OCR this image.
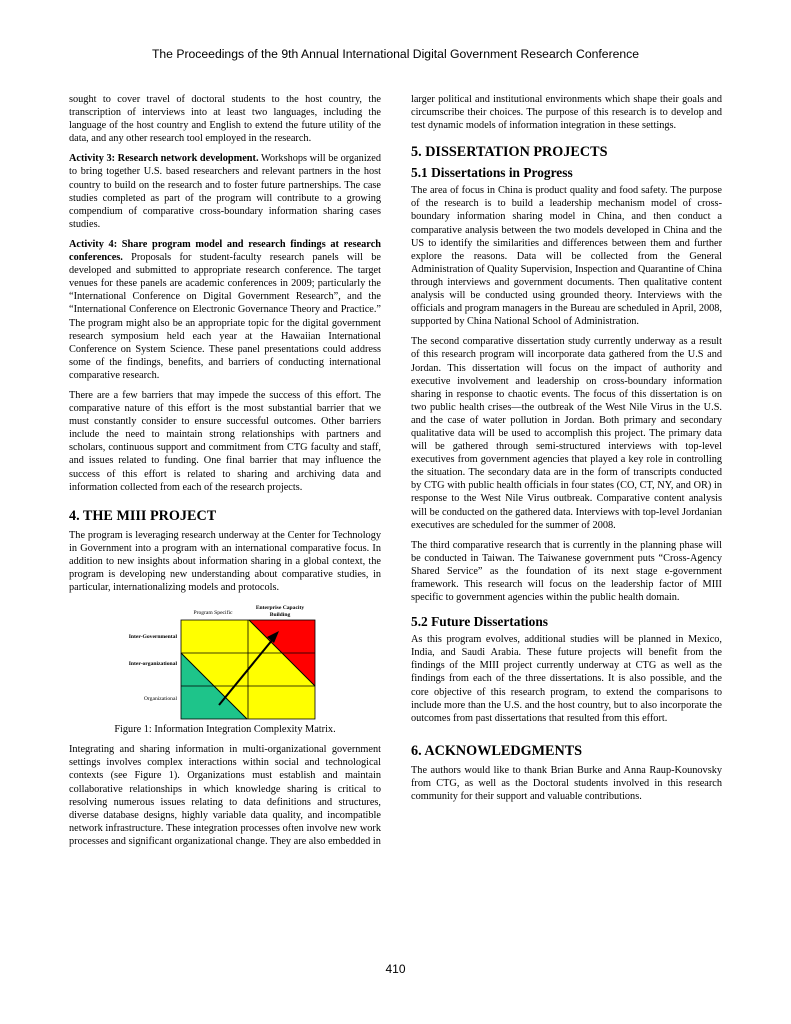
The Proceedings of the 9th Annual International Digital Government Research Conference

sought to cover travel of doctoral students to the host country, the transcription of interviews into at least two languages, including the language of the host country and English to extend the future utility of the data, and any other research tool employed in the research.

Activity 3: Research network development. Workshops will be organized to bring together U.S. based researchers and relevant partners in the host country to build on the research and to foster future partnerships. The case studies completed as part of the program will contribute to a growing compendium of comparative cross-boundary information sharing cases studies.

Activity 4: Share program model and research findings at research conferences. Proposals for student-faculty research panels will be developed and submitted to appropriate research conference. The target venues for these panels are academic conferences in 2009; particularly the “International Conference on Digital Government Research”, and the “International Conference on Electronic Governance Theory and Practice.” The program might also be an appropriate topic for the digital government research symposium held each year at the Hawaiian International Conference on System Science. These panel presentations could address some of the findings, benefits, and barriers of conducting international comparative research.

There are a few barriers that may impede the success of this effort. The comparative nature of this effort is the most substantial barrier that we must constantly consider to ensure successful outcomes. Other barriers include the need to maintain strong relationships with partners and scholars, continuous support and commitment from CTG faculty and staff, and issues related to funding. One final barrier that may influence the success of this effort is related to sharing and archiving data and information collected from each of the research projects.

4. THE MIII PROJECT

The program is leveraging research underway at the Center for Technology in Government into a program with an international comparative focus. In addition to new insights about information sharing in a global context, the program is developing new understanding about comparative studies, in particular, internationalizing models and protocols.

Program Specific
Enterprise Capacity
Building
Inter-Governmental
Inter-organizational
Organizational

Figure 1: Information Integration Complexity Matrix.

Integrating and sharing information in multi-organizational government settings involves complex interactions within social and technological contexts (see Figure 1). Organizations must establish and maintain collaborative relationships in which knowledge sharing is critical to resolving numerous issues relating to data definitions and structures, diverse database designs, highly variable data quality, and incompatible network infrastructure. These integration processes often involve new work processes and significant organizational change. They are also embedded in

larger political and institutional environments which shape their goals and circumscribe their choices. The purpose of this research is to develop and test dynamic models of information integration in these settings.

5. DISSERTATION PROJECTS
5.1 Dissertations in Progress

The area of focus in China is product quality and food safety. The purpose of the research is to build a leadership mechanism model of cross-boundary information sharing model in China, and then conduct a comparative analysis between the two models developed in China and the US to identify the similarities and differences between them and further explore the reasons. Data will be collected from the General Administration of Quality Supervision, Inspection and Quarantine of China through interviews and government documents. Then qualitative content analysis will be conducted using grounded theory. Interviews with the officials and program managers in the Bureau are scheduled in April, 2008, supported by China National School of Administration.

The second comparative dissertation study currently underway as a result of this research program will incorporate data gathered from the U.S and Jordan. This dissertation will focus on the impact of authority and executive involvement and leadership on cross-boundary information sharing in response to chaotic events. The focus of this dissertation is on two public health crises—the outbreak of the West Nile Virus in the U.S. and the case of water pollution in Jordan. Both primary and secondary qualitative data will be used to accomplish this project. The primary data will be gathered through semi-structured interviews with top-level executives from government agencies that played a key role in controlling the situation. The secondary data are in the form of transcripts conducted by CTG with public health officials in four states (CO, CT, NY, and OR) in response to the West Nile Virus outbreak. Comparative content analysis will be conducted on the gathered data. Interviews with top-level Jordanian executives are scheduled for the summer of 2008.

The third comparative research that is currently in the planning phase will be conducted in Taiwan. The Taiwanese government puts “Cross-Agency Shared Service” as the foundation of its next stage e-government framework. This research will focus on the leadership factor of MIII specific to government agencies within the public health domain.

5.2 Future Dissertations

As this program evolves, additional studies will be planned in Mexico, India, and Saudi Arabia. These future projects will benefit from the findings of the MIII project currently underway at CTG as well as the findings from each of the three dissertations. It is also possible, and the core objective of this research program, to extend the comparisons to include more than the U.S. and the host country, but to also incorporate the outcomes from past dissertations that resulted from this effort.

6. ACKNOWLEDGMENTS

The authors would like to thank Brian Burke and Anna Raup-Kounovsky from CTG, as well as the Doctoral students involved in this research community for their support and valuable contributions.

410
